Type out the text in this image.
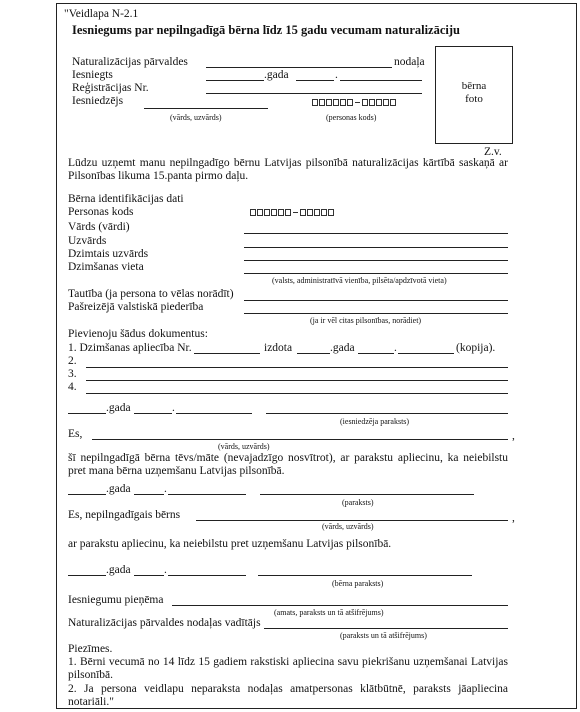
"Veidlapa N-2.1
Iesniegums par nepilngadīgā bērna līdz 15 gadu vecumam naturalizāciju
Naturalizācijas pārvaldes	nodaļa
Iesniegts	.gada	.
Reģistrācijas Nr.
Iesniedzējs
(vārds, uzvārds)	(personas kods)
bērna
foto
Z.v.
Lūdzu uzņemt manu nepilngadīgo bērnu Latvijas pilsonībā naturalizācijas kārtībā saskaņā ar Pilsonības likuma 15.panta pirmo daļu.
Bērna identifikācijas dati
Personas kods
Vārds (vārdi)
Uzvārds
Dzimtais uzvārds
Dzimšanas vieta
(valsts, administratīvā vienība, pilsēta/apdzīvotā vieta)
Tautība (ja persona to vēlas norādīt)
Pašreizējā valstiskā piederība
(ja ir vēl citas pilsonības, norādiet)
Pievienoju šādus dokumentus:
1. Dzimšanas apliecība Nr.	izdota	.gada	.	(kopija).
2.
3.
4.
.gada	.
(iesniedzēja paraksts)
Es,	,
(vārds, uzvārds)
šī nepilngadīgā bērna tēvs/māte (nevajadzīgo nosvītrot), ar parakstu apliecinu, ka neiebilstu pret mana bērna uzņemšanu Latvijas pilsonībā.
.gada	.
(paraksts)
Es, nepilngadīgais bērns	,
(vārds, uzvārds)
ar parakstu apliecinu, ka neiebilstu pret uzņemšanu Latvijas pilsonībā.
.gada	.
(bērna paraksts)
Iesniegumu pieņēma
(amats, paraksts un tā atšifrējums)
Naturalizācijas pārvaldes nodaļas vadītājs
(paraksts un tā atšifrējums)
Piezīmes.
1. Bērni vecumā no 14 līdz 15 gadiem rakstiski apliecina savu piekrišanu uzņemšanai Latvijas pilsonībā.
2. Ja persona veidlapu neparaksta nodaļas amatpersonas klātbūtnē, paraksts jāapliecina notariāli."
